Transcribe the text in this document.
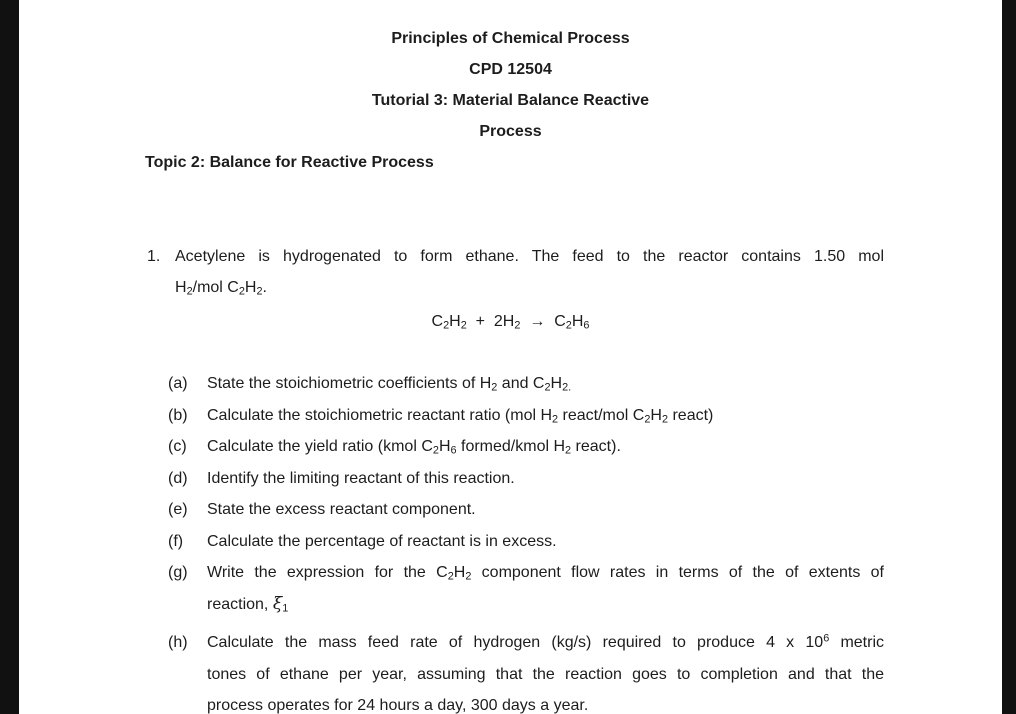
Principles of Chemical Process
CPD 12504
Tutorial 3: Material Balance Reactive
Process
Topic 2: Balance for Reactive Process
1. Acetylene is hydrogenated to form ethane. The feed to the reactor contains 1.50 mol
$H_2$/mol $C_2H_2$.
$C_2H_2 + 2H_2 \to C_2H_6$
(a) State the stoichiometric coefficients of $H_2$ and $C_2H_{2.}$
(b) Calculate the stoichiometric reactant ratio (mol $H_2$ react/mol $C_2H_2$ react)
(c) Calculate the yield ratio (kmol $C_2H_6$ formed/kmol $H_2$ react).
(d) Identify the limiting reactant of this reaction.
(e) State the excess reactant component.
(f) Calculate the percentage of reactant is in excess.
(g) Write the expression for the $C_2H_2$ component flow rates in terms of the of extents of
reaction, $\xi_1$
(h) Calculate the mass feed rate of hydrogen (kg/s) required to produce 4 x $10^6$ metric
tones of ethane per year, assuming that the reaction goes to completion and that the
process operates for 24 hours a day, 300 days a year.
